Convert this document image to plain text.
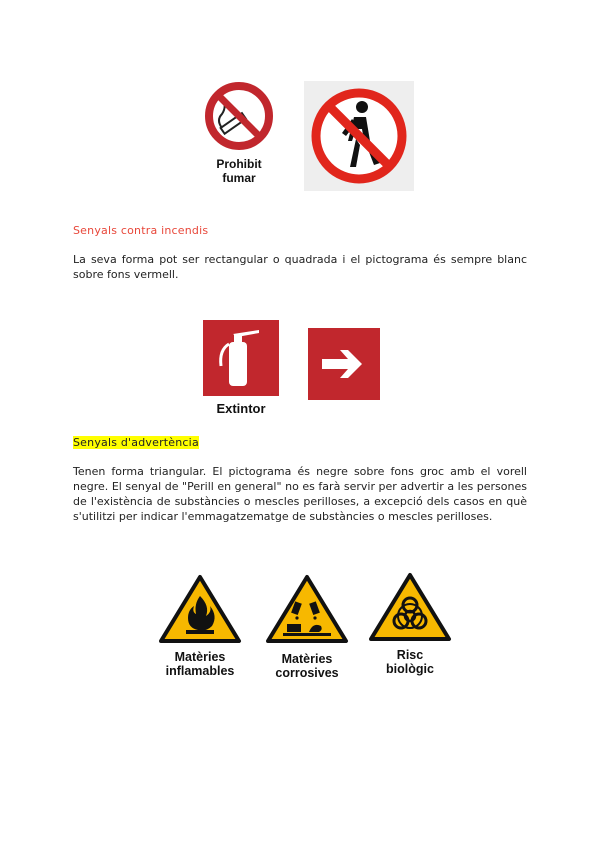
Prohibit
fumar
Senyals contra incendis
La seva forma pot ser rectangular o quadrada i el pictograma és sempre blanc sobre fons vermell.
Extintor
Senyals d'advertència
Tenen forma triangular. El pictograma és negre sobre fons groc amb el vorell negre. El senyal de "Perill en general" no es farà servir per advertir a les persones de l'existència de substàncies o mescles perilloses, a excepció dels casos en què s'utilitzi per indicar l'emmagatzematge de substàncies o mescles perilloses.
Matèries
inflamables
Matèries
corrosives
Risc
biològic
